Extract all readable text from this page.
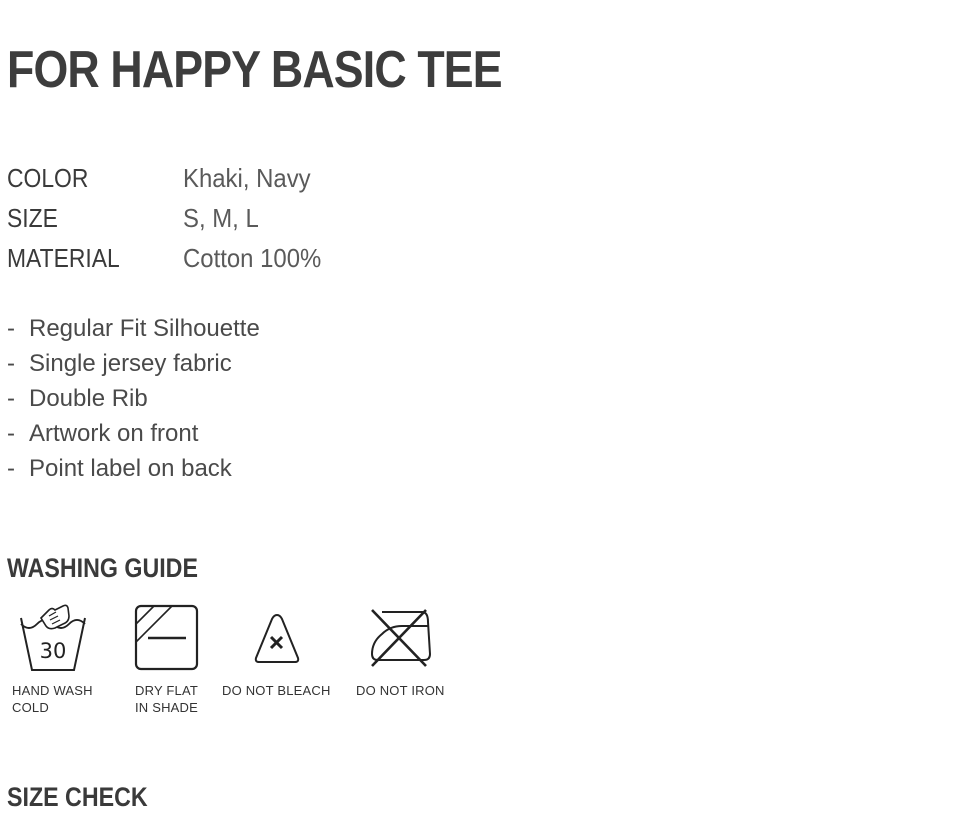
FOR HAPPY BASIC TEE
COLOR	Khaki, Navy
SIZE	S, M, L
MATERIAL	Cotton 100%
- Regular Fit Silhouette
- Single jersey fabric
- Double Rib
- Artwork on front
- Point label on back
WASHING GUIDE
30
HAND WASH
COLD
DRY FLAT
IN SHADE
DO NOT BLEACH DO NOT IRON
SIZE CHECK
